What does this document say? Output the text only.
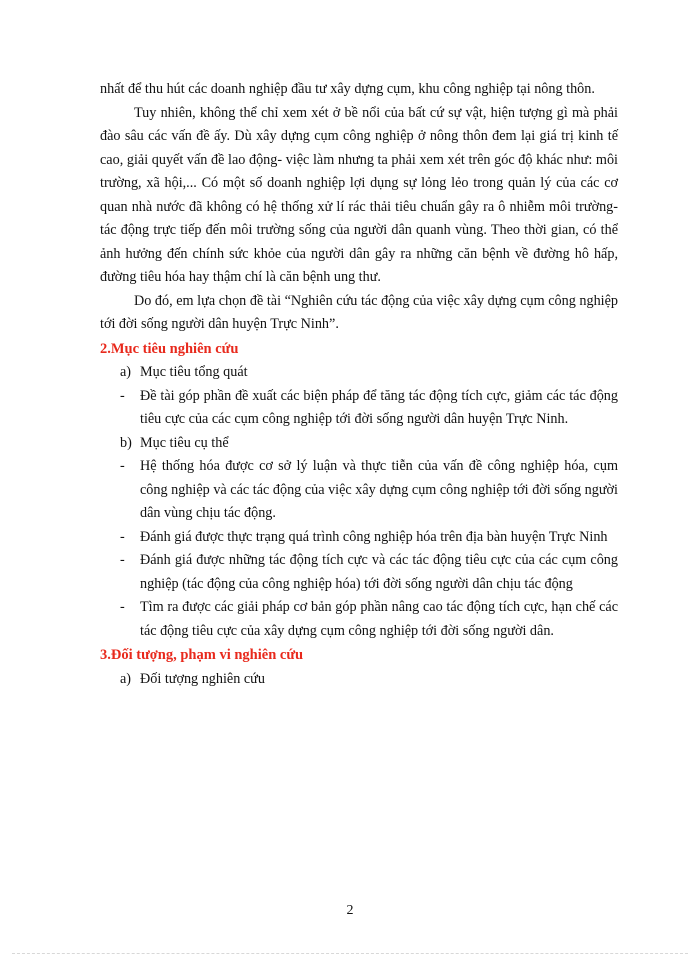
nhất để thu hút các doanh nghiệp đầu tư xây dựng cụm, khu công nghiệp tại nông thôn.

Tuy nhiên, không thể chỉ xem xét ở bề nổi của bất cứ sự vật, hiện tượng gì mà phải đào sâu các vấn đề ấy. Dù xây dựng cụm công nghiệp ở nông thôn đem lại giá trị kinh tế cao, giải quyết vấn đề lao động- việc làm nhưng ta phải xem xét trên góc độ khác như: môi trường, xã hội,... Có một số doanh nghiệp lợi dụng sự lỏng lẻo trong quản lý của các cơ quan nhà nước đã không có hệ thống xử lí rác thải tiêu chuẩn gây ra ô nhiễm môi trường- tác động trực tiếp đến môi trường sống của người dân quanh vùng. Theo thời gian, có thể ảnh hưởng đến chính sức khỏe của người dân gây ra những căn bệnh về đường hô hấp, đường tiêu hóa hay thậm chí là căn bệnh ung thư.

Do đó, em lựa chọn đề tài “Nghiên cứu tác động của việc xây dựng cụm công nghiệp tới đời sống người dân huyện Trực Ninh”.

2.Mục tiêu nghiên cứu
a) Mục tiêu tổng quát
-	Đề tài góp phần đề xuất các biện pháp để tăng tác động tích cực, giảm các tác động tiêu cực của các cụm công nghiệp tới đời sống người dân huyện Trực Ninh.
b) Mục tiêu cụ thể
-	Hệ thống hóa được cơ sở lý luận và thực tiễn của vấn đề công nghiệp hóa, cụm công nghiệp và các tác động của việc xây dựng cụm công nghiệp tới đời sống người dân vùng chịu tác động.
-	Đánh giá được thực trạng quá trình công nghiệp hóa trên địa bàn huyện Trực Ninh
-	Đánh giá được những tác động tích cực và các tác động tiêu cực của các cụm công nghiệp (tác động của công nghiệp hóa) tới đời sống người dân chịu tác động
-	Tìm ra được các giải pháp cơ bản góp phần nâng cao tác động tích cực, hạn chế các tác động tiêu cực của xây dựng cụm công nghiệp tới đời sống người dân.
3.Đối tượng, phạm vi nghiên cứu
a) Đối tượng nghiên cứu
2
